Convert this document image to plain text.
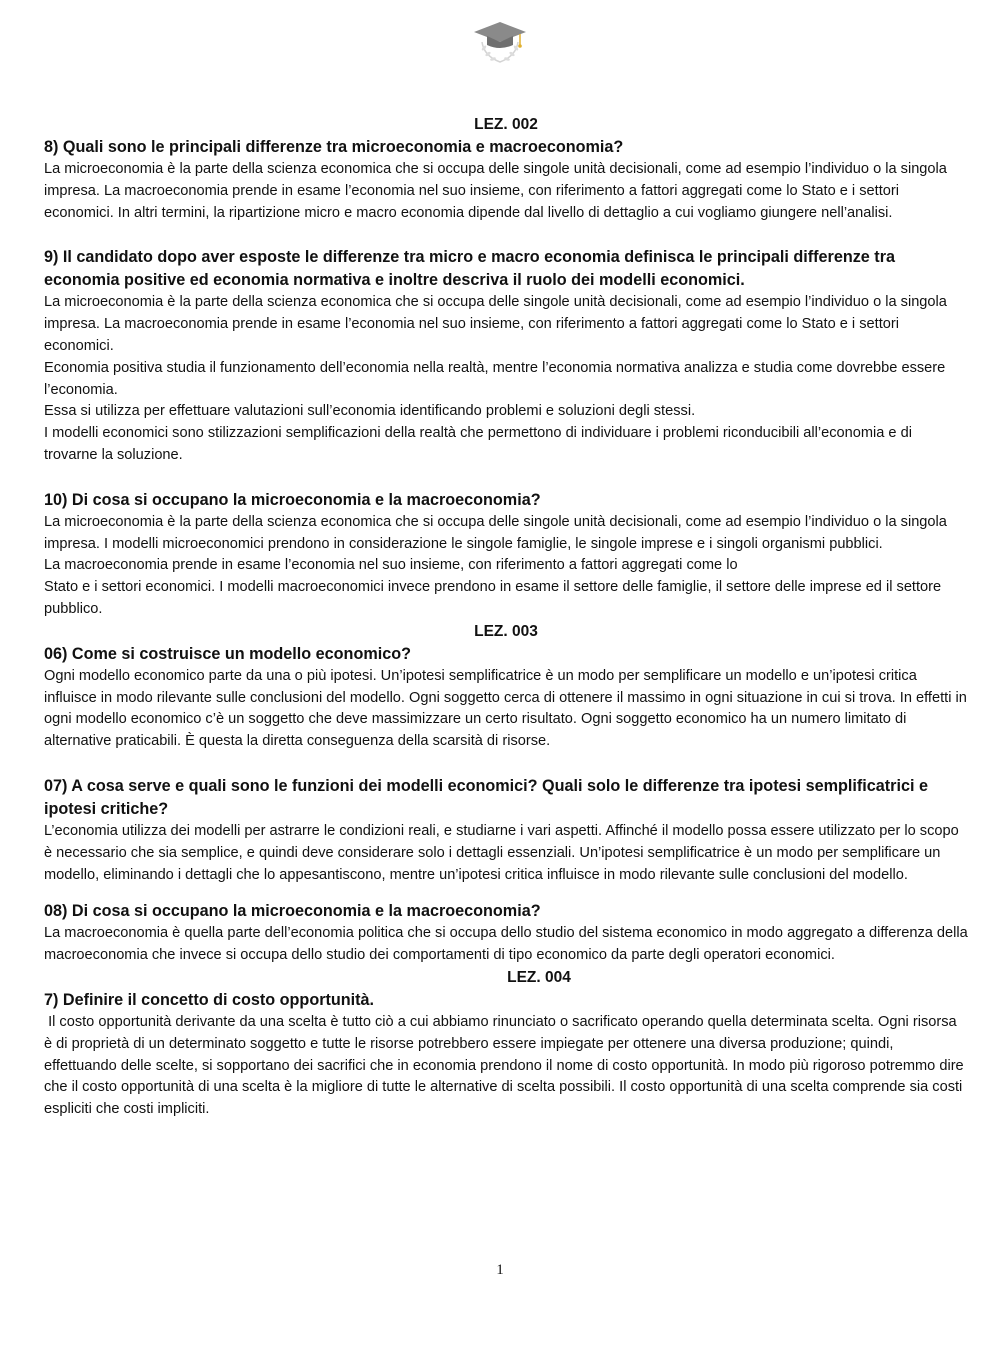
LEZ. 002
8) Quali sono le principali differenze tra microeconomia e macroeconomia?
La microeconomia è la parte della scienza economica che si occupa delle singole unità decisionali, come ad esempio l’individuo o la singola impresa. La macroeconomia prende in esame l’economia nel suo insieme, con riferimento a fattori aggregati come lo Stato e i settori economici. In altri termini, la ripartizione micro e macro economia dipende dal livello di dettaglio a cui vogliamo giungere nell’analisi.
9) Il candidato dopo aver esposte le differenze tra micro e macro economia definisca le principali differenze tra economia positive ed economia normativa e inoltre descriva il ruolo dei modelli economici.
La microeconomia è la parte della scienza economica che si occupa delle singole unità decisionali, come ad esempio l’individuo o la singola impresa. La macroeconomia prende in esame l’economia nel suo insieme, con riferimento a fattori aggregati come lo Stato e i settori economici.
Economia positiva studia il funzionamento dell’economia nella realtà, mentre l’economia normativa analizza e studia come dovrebbe essere l’economia.
Essa si utilizza per effettuare valutazioni sull’economia identificando problemi e soluzioni degli stessi.
I modelli economici sono stilizzazioni semplificazioni della realtà che permettono di individuare i problemi riconducibili all’economia e di trovarne la soluzione.
10) Di cosa si occupano la microeconomia e la macroeconomia?
La microeconomia è la parte della scienza economica che si occupa delle singole unità decisionali, come ad esempio l’individuo o la singola impresa. I modelli microeconomici prendono in considerazione le singole famiglie, le singole imprese e i singoli organismi pubblici.
La macroeconomia prende in esame l’economia nel suo insieme, con riferimento a fattori aggregati come lo
Stato e i settori economici. I modelli macroeconomici invece prendono in esame il settore delle famiglie, il settore delle imprese ed il settore pubblico.
LEZ. 003
06) Come si costruisce un modello economico?
Ogni modello economico parte da una o più ipotesi. Un’ipotesi semplificatrice è un modo per semplificare un modello e un’ipotesi critica influisce in modo rilevante sulle conclusioni del modello. Ogni soggetto cerca di ottenere il massimo in ogni situazione in cui si trova. In effetti in ogni modello economico c’è un soggetto che deve massimizzare un certo risultato. Ogni soggetto economico ha un numero limitato di alternative praticabili. È questa la diretta conseguenza della scarsità di risorse.
07) A cosa serve e quali sono le funzioni dei modelli economici? Quali solo le differenze tra ipotesi semplificatrici e ipotesi critiche?
L’economia utilizza dei modelli per astrarre le condizioni reali, e studiarne i vari aspetti. Affinché il modello possa essere utilizzato per lo scopo è necessario che sia semplice, e quindi deve considerare solo i dettagli essenziali. Un’ipotesi semplificatrice è un modo per semplificare un modello, eliminando i dettagli che lo appesantiscono, mentre un’ipotesi critica influisce in modo rilevante sulle conclusioni del modello.
08) Di cosa si occupano la microeconomia e la macroeconomia?
La macroeconomia è quella parte dell’economia politica che si occupa dello studio del sistema economico in modo aggregato a differenza della macroeconomia che invece si occupa dello studio dei comportamenti di tipo economico da parte degli operatori economici.
LEZ. 004
7) Definire il concetto di costo opportunità.
Il costo opportunità derivante da una scelta è tutto ciò a cui abbiamo rinunciato o sacrificato operando quella determinata scelta. Ogni risorsa è di proprietà di un determinato soggetto e tutte le risorse potrebbero essere impiegate per ottenere una diversa produzione; quindi, effettuando delle scelte, si sopportano dei sacrifici che in economia prendono il nome di costo opportunità. In modo più rigoroso potremmo dire che il costo opportunità di una scelta è la migliore di tutte le alternative di scelta possibili. Il costo opportunità di una scelta comprende sia costi espliciti che costi impliciti.
1
